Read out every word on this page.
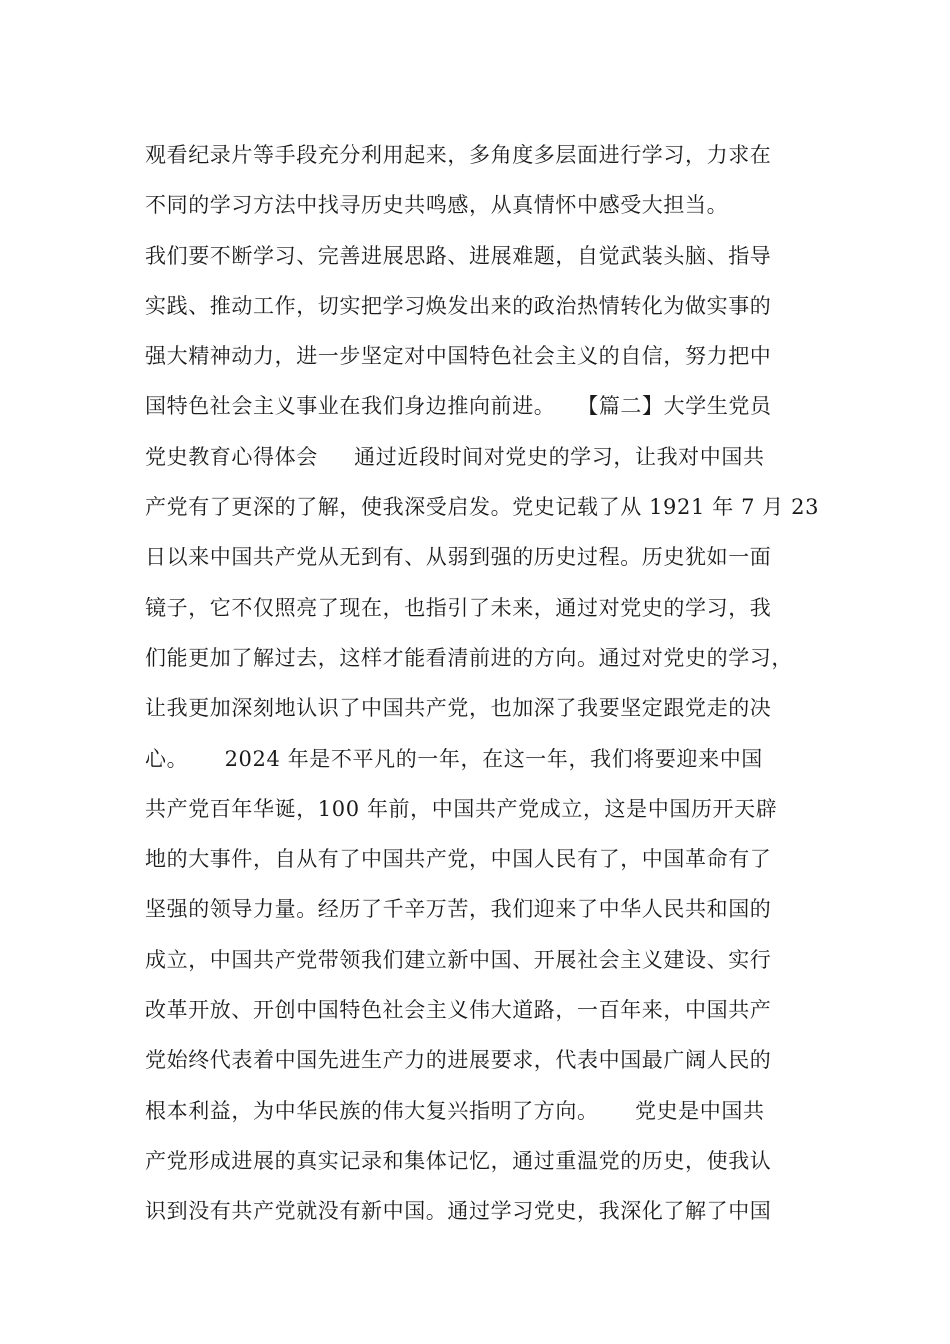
观看纪录片等手段充分利用起来，多角度多层面进行学习，力求在
不同的学习方法中找寻历史共鸣感，从真情怀中感受大担当。
我们要不断学习、完善进展思路、进展难题，自觉武装头脑、指导
实践、推动工作，切实把学习焕发出来的政治热情转化为做实事的
强大精神动力，进一步坚定对中国特色社会主义的自信，努力把中
国特色社会主义事业在我们身边推向前进。   【篇二】大学生党员
党史教育心得体会     通过近段时间对党史的学习，让我对中国共
产党有了更深的了解，使我深受启发。党史记载了从 1921 年 7 月 23
日以来中国共产党从无到有、从弱到强的历史过程。历史犹如一面
镜子，它不仅照亮了现在，也指引了未来，通过对党史的学习，我
们能更加了解过去，这样才能看清前进的方向。通过对党史的学习，
让我更加深刻地认识了中国共产党，也加深了我要坚定跟党走的决
心。     2024 年是不平凡的一年，在这一年，我们将要迎来中国
共产党百年华诞，100 年前，中国共产党成立，这是中国历开天辟
地的大事件，自从有了中国共产党，中国人民有了，中国革命有了
坚强的领导力量。经历了千辛万苦，我们迎来了中华人民共和国的
成立，中国共产党带领我们建立新中国、开展社会主义建设、实行
改革开放、开创中国特色社会主义伟大道路，一百年来，中国共产
党始终代表着中国先进生产力的进展要求，代表中国最广阔人民的
根本利益，为中华民族的伟大复兴指明了方向。     党史是中国共
产党形成进展的真实记录和集体记忆，通过重温党的历史，使我认
识到没有共产党就没有新中国。通过学习党史，我深化了解了中国
